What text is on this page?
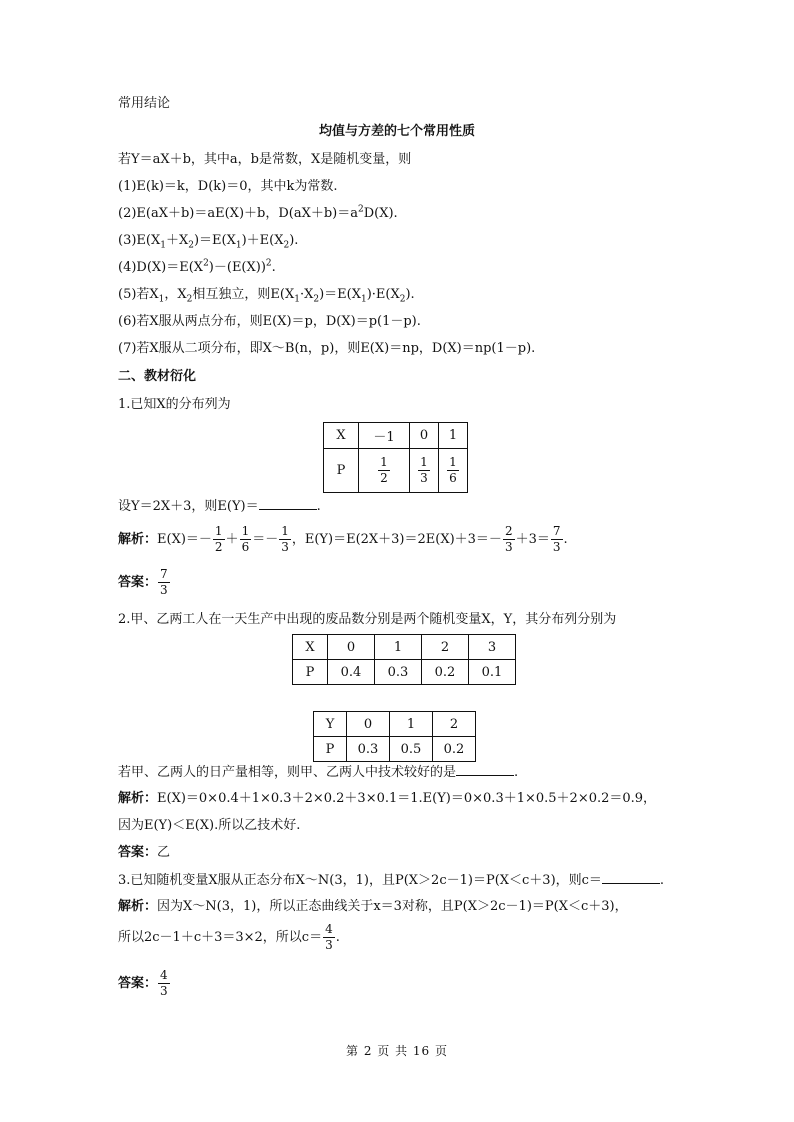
常用结论
均值与方差的七个常用性质
若Y＝aX＋b，其中a，b是常数，X是随机变量，则
(1)E(k)＝k，D(k)＝0，其中k为常数.
(2)E(aX＋b)＝aE(X)＋b，$D(aX+b)=a^2D(X)$.
$(3)E(X_1+X_2)=E(X_1)+E(X_2)$.
$(4)D(X)=E(X^2)-(E(X))^2$.
(5)若$X_1$，$X_2$相互独立，则$E(X_1\cdot X_2)=E(X_1)\cdot E(X_2)$.
(6)若X服从两点分布，则E(X)＝p，D(X)＝p(1－p).
(7)若X服从二项分布，即X～B(n，p)，则E(X)＝np，D(X)＝np(1－p).
二、教材衍化
1.已知X的分布列为
X	－1	0	1
P	$\frac{1}{2}$	$\frac{1}{3}$	$\frac{1}{6}$
设Y＝2X＋3，则E(Y)＝	.
解析：$E(X)=- \frac{1}{2} + \frac{1}{6} =- \frac{1}{3}$ ，$E(Y)=E(2X+3)=2E(X)+3=- \frac{2}{3} +3= \frac{7}{3}$ .
答案： $\frac{7}{3}$
2.甲、乙两工人在一天生产中出现的废品数分别是两个随机变量X，Y，其分布列分别为
X	0	1	2	3
P	0.4	0.3	0.2	0.1
Y	0	1	2
P	0.3	0.5	0.2
若甲、乙两人的日产量相等，则甲、乙两人中技术较好的是	.
解析：E(X)＝0×0.4＋1×0.3＋2×0.2＋3×0.1＝1.E(Y)＝0×0.3＋1×0.5＋2×0.2＝0.9，
因为E(Y)＜E(X).所以乙技术好.
答案：乙
3.已知随机变量X服从正态分布X～N(3，1)，且P(X＞2c－1)＝P(X＜c＋3)，则c＝	.
解析：因为X～N(3，1)，所以正态曲线关于x＝3对称，且P(X＞2c－1)＝P(X＜c＋3)，
所以2c－1＋c＋3＝3×2，所以$c= \frac{4}{3}$ .
答案： $\frac{4}{3}$
第 2 页 共 16 页
